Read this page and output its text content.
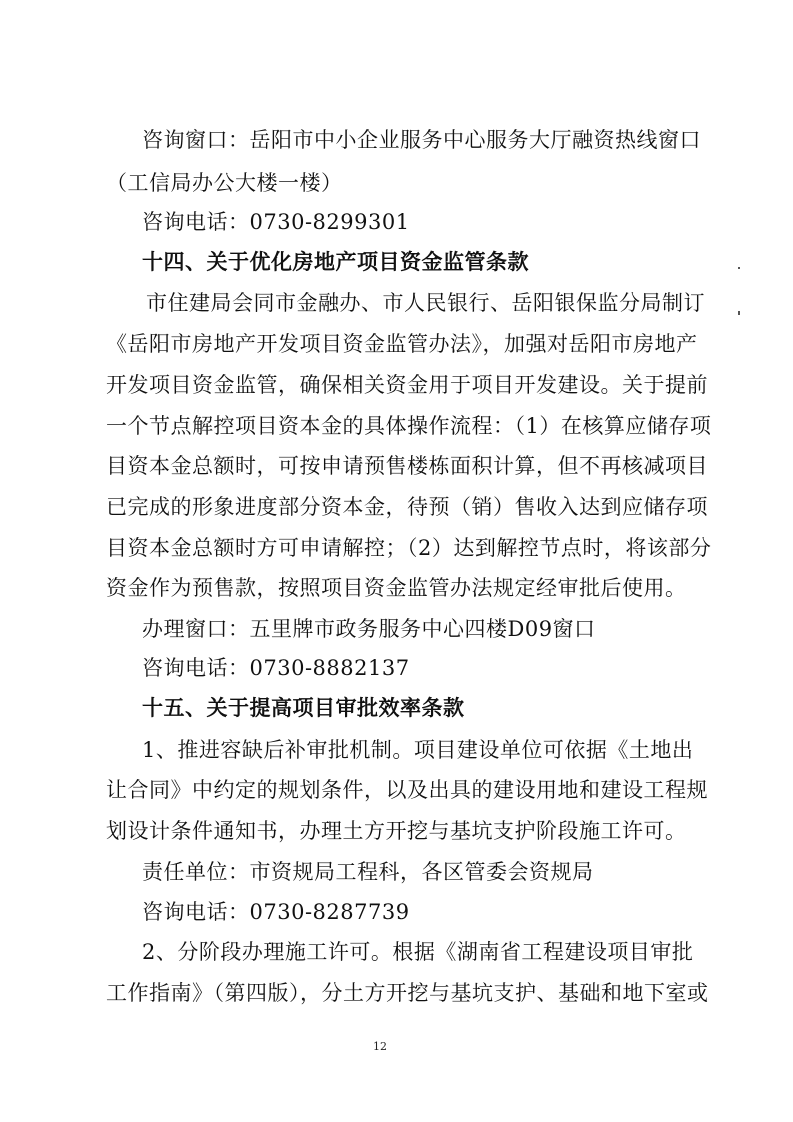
咨询窗口：岳阳市中小企业服务中心服务大厅融资热线窗口
（工信局办公大楼一楼）
咨询电话：0730-8299301
十四、关于优化房地产项目资金监管条款
市住建局会同市金融办、市人民银行、岳阳银保监分局制订
《岳阳市房地产开发项目资金监管办法》，加强对岳阳市房地产
开发项目资金监管，确保相关资金用于项目开发建设。关于提前
一个节点解控项目资本金的具体操作流程：（1）在核算应储存项
目资本金总额时，可按申请预售楼栋面积计算，但不再核减项目
已完成的形象进度部分资本金，待预（销）售收入达到应储存项
目资本金总额时方可申请解控；（2）达到解控节点时，将该部分
资金作为预售款，按照项目资金监管办法规定经审批后使用。
办理窗口：五里牌市政务服务中心四楼D09窗口
咨询电话：0730-8882137
十五、关于提高项目审批效率条款
1、推进容缺后补审批机制。项目建设单位可依据《土地出
让合同》中约定的规划条件，以及出具的建设用地和建设工程规
划设计条件通知书，办理土方开挖与基坑支护阶段施工许可。
责任单位：市资规局工程科，各区管委会资规局
咨询电话：0730-8287739
2、分阶段办理施工许可。根据《湖南省工程建设项目审批
工作指南》（第四版），分土方开挖与基坑支护、基础和地下室或
12
